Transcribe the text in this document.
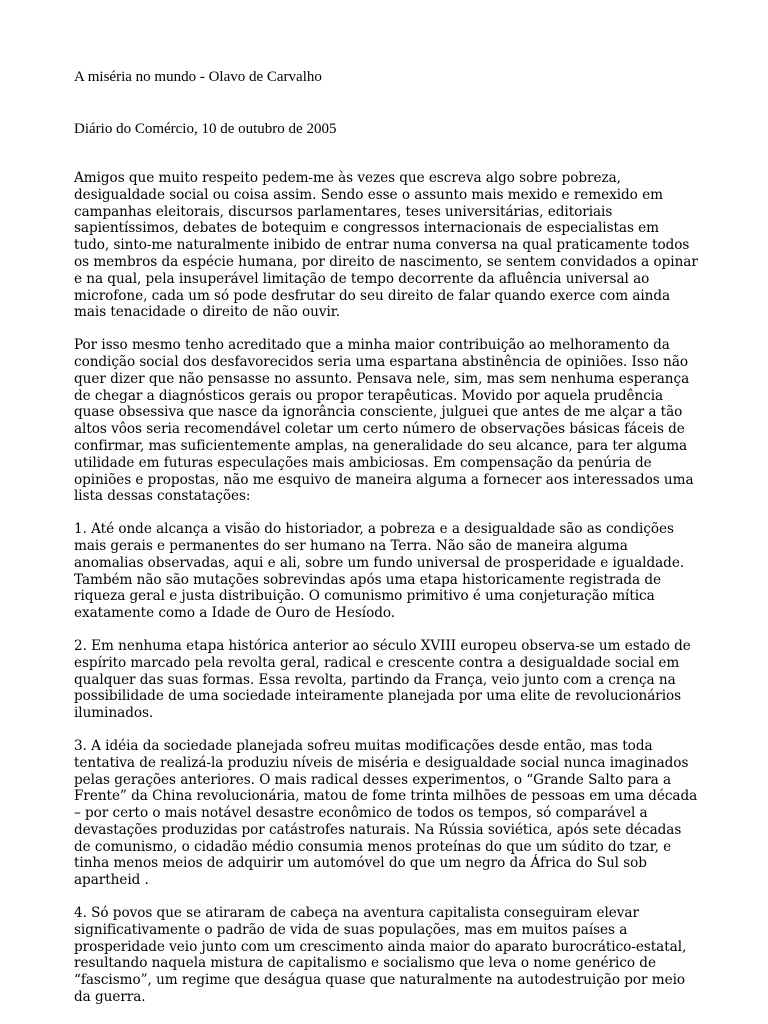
A miséria no mundo - Olavo de Carvalho

Diário do Comércio, 10 de outubro de 2005

Amigos que muito respeito pedem-me às vezes que escreva algo sobre pobreza, desigualdade social ou coisa assim. Sendo esse o assunto mais mexido e remexido em campanhas eleitorais, discursos parlamentares, teses universitárias, editoriais sapientíssimos, debates de botequim e congressos internacionais de especialistas em tudo, sinto-me naturalmente inibido de entrar numa conversa na qual praticamente todos os membros da espécie humana, por direito de nascimento, se sentem convidados a opinar e na qual, pela insuperável limitação de tempo decorrente da afluência universal ao microfone, cada um só pode desfrutar do seu direito de falar quando exerce com ainda mais tenacidade o direito de não ouvir.

Por isso mesmo tenho acreditado que a minha maior contribuição ao melhoramento da condição social dos desfavorecidos seria uma espartana abstinência de opiniões. Isso não quer dizer que não pensasse no assunto. Pensava nele, sim, mas sem nenhuma esperança de chegar a diagnósticos gerais ou propor terapêuticas. Movido por aquela prudência quase obsessiva que nasce da ignorância consciente, julguei que antes de me alçar a tão altos vôos seria recomendável coletar um certo número de observações básicas fáceis de confirmar, mas suficientemente amplas, na generalidade do seu alcance, para ter alguma utilidade em futuras especulações mais ambiciosas. Em compensação da penúria de opiniões e propostas, não me esquivo de maneira alguma a fornecer aos interessados uma lista dessas constatações:

1. Até onde alcança a visão do historiador, a pobreza e a desigualdade são as condições mais gerais e permanentes do ser humano na Terra. Não são de maneira alguma anomalias observadas, aqui e ali, sobre um fundo universal de prosperidade e igualdade. Também não são mutações sobrevindas após uma etapa historicamente registrada de riqueza geral e justa distribuição. O comunismo primitivo é uma conjeturação mítica exatamente como a Idade de Ouro de Hesíodo.

2. Em nenhuma etapa histórica anterior ao século XVIII europeu observa-se um estado de espírito marcado pela revolta geral, radical e crescente contra a desigualdade social em qualquer das suas formas. Essa revolta, partindo da França, veio junto com a crença na possibilidade de uma sociedade inteiramente planejada por uma elite de revolucionários iluminados.

3. A idéia da sociedade planejada sofreu muitas modificações desde então, mas toda tentativa de realizá-la produziu níveis de miséria e desigualdade social nunca imaginados pelas gerações anteriores. O mais radical desses experimentos, o “Grande Salto para a Frente” da China revolucionária, matou de fome trinta milhões de pessoas em uma década – por certo o mais notável desastre econômico de todos os tempos, só comparável a devastações produzidas por catástrofes naturais. Na Rússia soviética, após sete décadas de comunismo, o cidadão médio consumia menos proteínas do que um súdito do tzar, e tinha menos meios de adquirir um automóvel do que um negro da África do Sul sob apartheid .

4. Só povos que se atiraram de cabeça na aventura capitalista conseguiram elevar significativamente o padrão de vida de suas populações, mas em muitos países a prosperidade veio junto com um crescimento ainda maior do aparato burocrático-estatal, resultando naquela mistura de capitalismo e socialismo que leva o nome genérico de “fascismo”, um regime que deságua quase que naturalmente na autodestruição por meio da guerra.
